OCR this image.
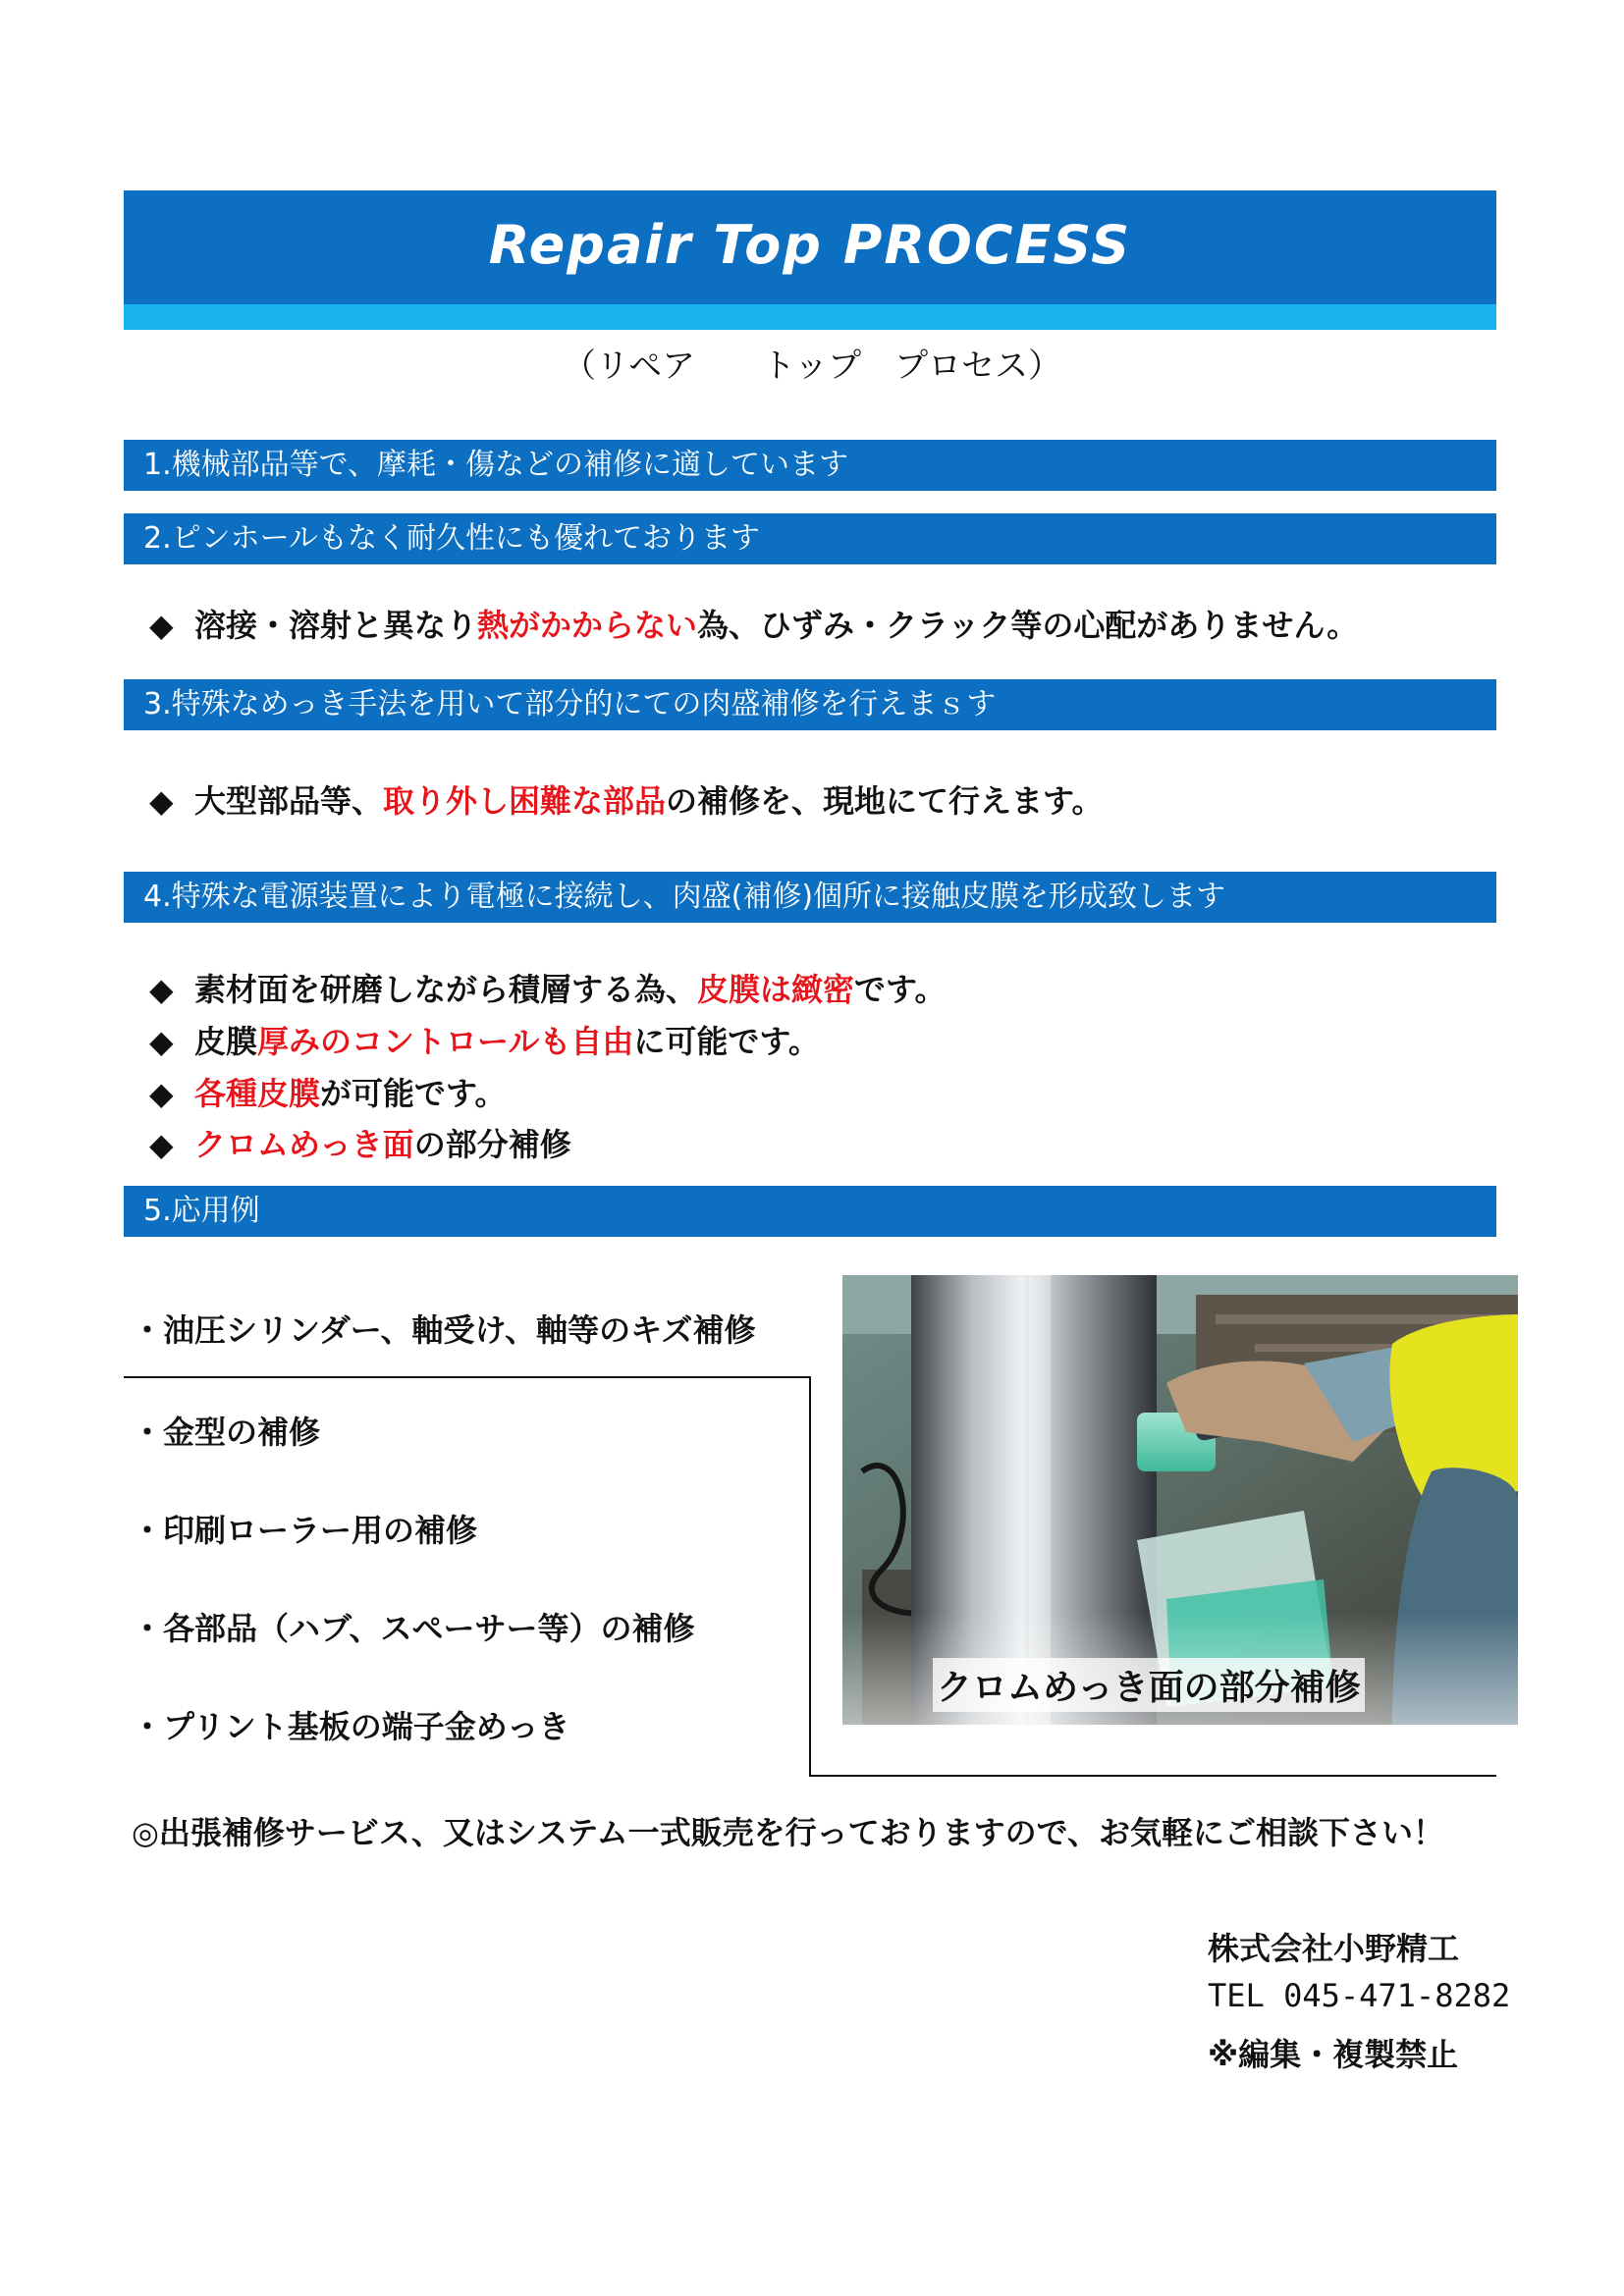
Repair Top PROCESS
（リペア　　トップ　プロセス）
1.機械部品等で、摩耗・傷などの補修に適しています
2.ピンホールもなく耐久性にも優れております
◆ 溶接・溶射と異なり熱がかからない為、ひずみ・クラック等の心配がありません。
3.特殊なめっき手法を用いて部分的にての肉盛補修を行えまｓす
◆ 大型部品等、取り外し困難な部品の補修を、現地にて行えます。
4.特殊な電源装置により電極に接続し、肉盛(補修)個所に接触皮膜を形成致します
◆ 素材面を研磨しながら積層する為、皮膜は緻密です。
◆ 皮膜厚みのコントロールも自由に可能です。
◆ 各種皮膜が可能です。
◆ クロムめっき面の部分補修
5.応用例
・油圧シリンダー、軸受け、軸等のキズ補修
・金型の補修
・印刷ローラー用の補修
・各部品（ハブ、スペーサー等）の補修
・プリント基板の端子金めっき
クロムめっき面の部分補修
◎出張補修サービス、又はシステム一式販売を行っておりますので、お気軽にご相談下さい！
株式会社小野精工
TEL 045-471-8282
※編集・複製禁止
